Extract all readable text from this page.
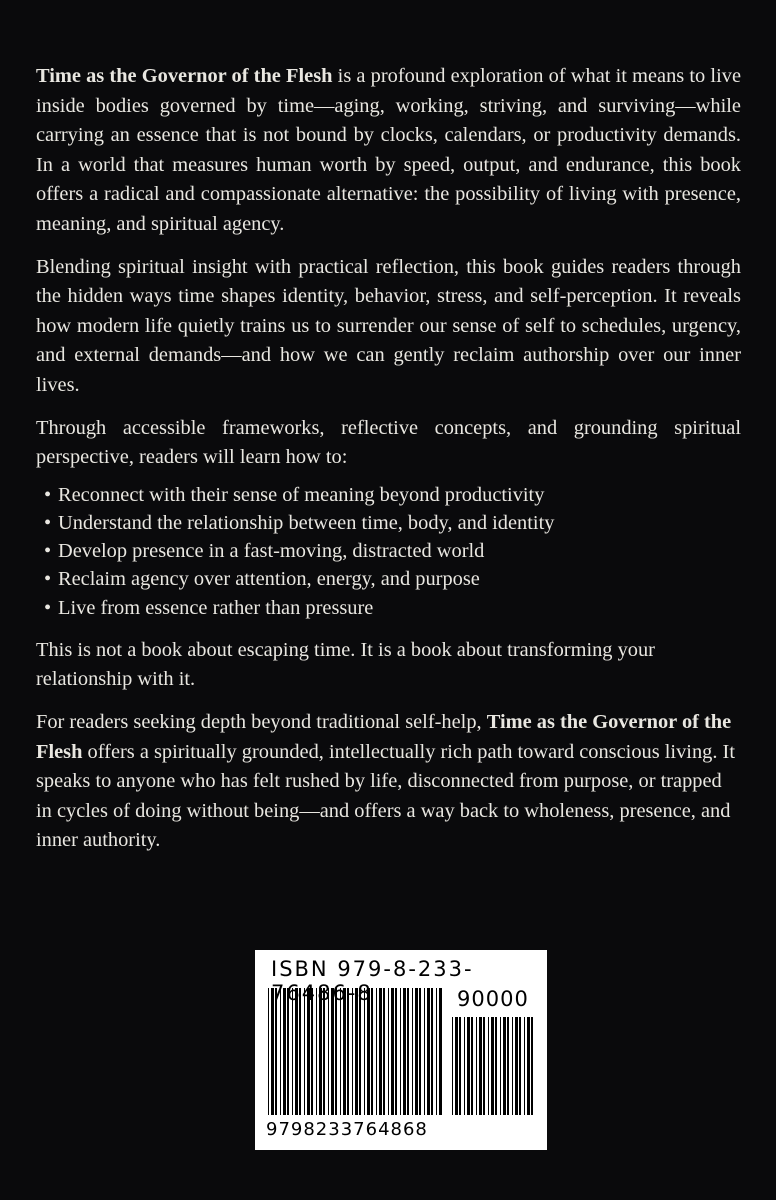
Time as the Governor of the Flesh is a profound exploration of what it means to live inside bodies governed by time—aging, working, striving, and surviving—while carrying an essence that is not bound by clocks, calendars, or productivity demands. In a world that measures human worth by speed, output, and endurance, this book offers a radical and compassionate alternative: the possibility of living with presence, meaning, and spiritual agency.

Blending spiritual insight with practical reflection, this book guides readers through the hidden ways time shapes identity, behavior, stress, and self-perception. It reveals how modern life quietly trains us to surrender our sense of self to schedules, urgency, and external demands—and how we can gently reclaim authorship over our inner lives.

Through accessible frameworks, reflective concepts, and grounding spiritual perspective, readers will learn how to:

• Reconnect with their sense of meaning beyond productivity
• Understand the relationship between time, body, and identity
• Develop presence in a fast-moving, distracted world
• Reclaim agency over attention, energy, and purpose
• Live from essence rather than pressure

This is not a book about escaping time. It is a book about transforming your relationship with it.

For readers seeking depth beyond traditional self-help, Time as the Governor of the Flesh offers a spiritually grounded, intellectually rich path toward conscious living. It speaks to anyone who has felt rushed by life, disconnected from purpose, or trapped in cycles of doing without being—and offers a way back to wholeness, presence, and inner authority.

ISBN 979-8-233-76486-8	90000
9798233764868
